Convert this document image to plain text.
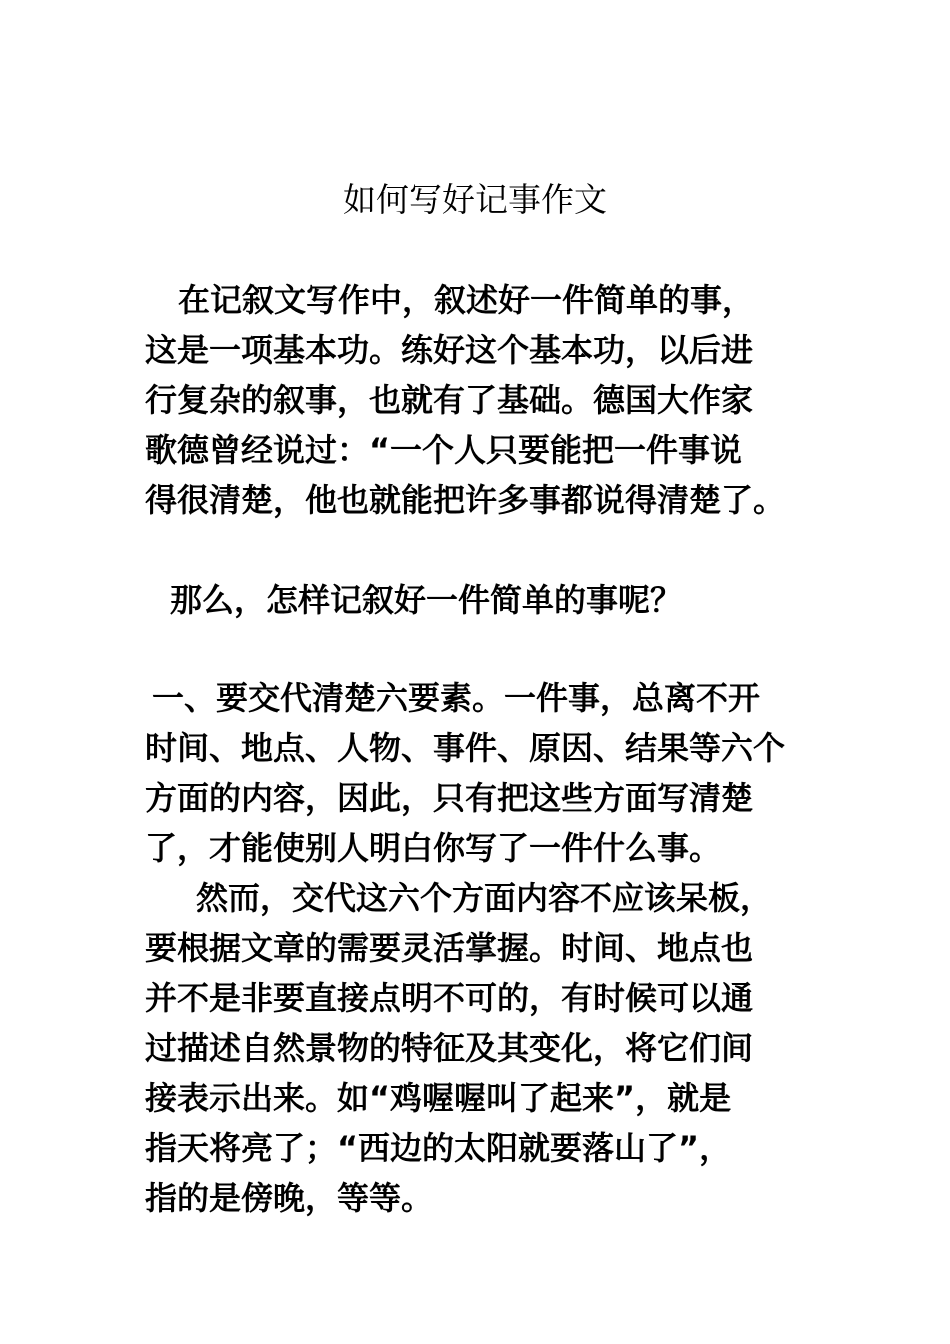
如何写好记事作文
在记叙文写作中，叙述好一件简单的事，
这是一项基本功。练好这个基本功，以后进
行复杂的叙事，也就有了基础。德国大作家
歌德曾经说过：“一个人只要能把一件事说
得很清楚，他也就能把许多事都说得清楚了。
那么，怎样记叙好一件简单的事呢？
一、要交代清楚六要素。一件事，总离不开
时间、地点、人物、事件、原因、结果等六个
方面的内容，因此，只有把这些方面写清楚
了，才能使别人明白你写了一件什么事。
然而，交代这六个方面内容不应该呆板，
要根据文章的需要灵活掌握。时间、地点也
并不是非要直接点明不可的，有时候可以通
过描述自然景物的特征及其变化，将它们间
接表示出来。如“鸡喔喔叫了起来”，就是
指天将亮了；“西边的太阳就要落山了”，
指的是傍晚，等等。
